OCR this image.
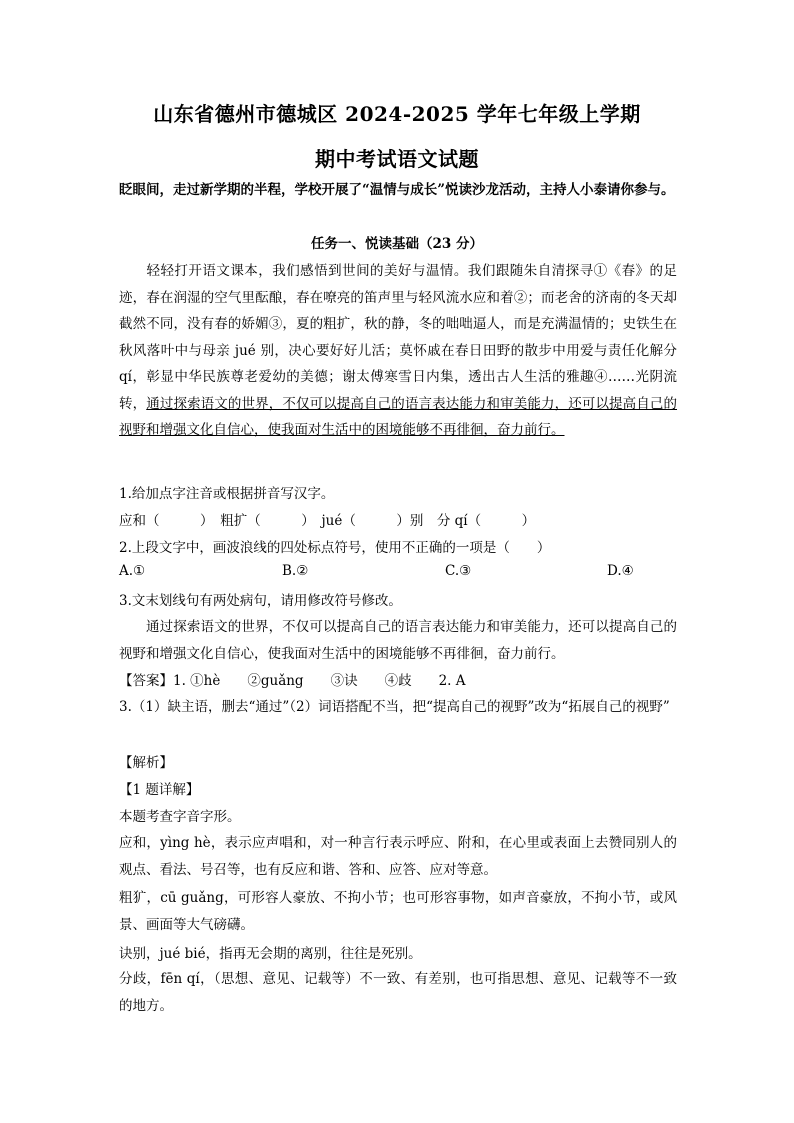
山东省德州市德城区 2024-2025 学年七年级上学期
期中考试语文试题
眨眼间，走过新学期的半程，学校开展了“温情与成长”悦读沙龙活动，主持人小泰请你参与。
任务一、悦读基础（23 分）
轻轻打开语文课本，我们感悟到世间的美好与温情。我们跟随朱自清探寻①《春》的足迹，春在润湿的空气里酝酿，春在嘹亮的笛声里与轻风流水应和着②；而老舍的济南的冬天却截然不同，没有春的娇媚③，夏的粗扩，秋的静，冬的咄咄逼人，而是充满温情的；史铁生在秋风落叶中与母亲 jué 别，决心要好好儿活；莫怀戚在春日田野的散步中用爱与责任化解分 qí，彰显中华民族尊老爱幼的美德；谢太傅寒雪日内集，透出古人生活的雅趣④……光阴流转，通过探索语文的世界，不仅可以提高自己的语言表达能力和审美能力，还可以提高自己的视野和增强文化自信心，使我面对生活中的困境能够不再徘徊，奋力前行。
1.给加点字注音或根据拼音写汉字。
应和（　　　）　粗扩（　　　）　jué（　　　）别　分 qí（　　　）
2.上段文字中，画波浪线的四处标点符号，使用不正确的一项是（　　）
A.①	B.②	C.③	D.④
3.文末划线句有两处病句，请用修改符号修改。
通过探索语文的世界，不仅可以提高自己的语言表达能力和审美能力，还可以提高自己的视野和增强文化自信心，使我面对生活中的困境能够不再徘徊，奋力前行。
【答案】1. ①hè　　②guǎng　　③诀　　④歧　　2. A
3.（1）缺主语，删去“通过”（2）词语搭配不当，把“提高自己的视野”改为“拓展自己的视野”
【解析】
【1 题详解】
本题考查字音字形。
应和，yìng hè，表示应声唱和，对一种言行表示呼应、附和，在心里或表面上去赞同别人的观点、看法、号召等，也有反应和谐、答和、应答、应对等意。
粗犷，cū guǎng，可形容人豪放、不拘小节；也可形容事物，如声音豪放，不拘小节，或风景、画面等大气磅礴。
诀别，jué bié，指再无会期的离别，往往是死别。
分歧，fēn qí，（思想、意见、记载等）不一致、有差别，也可指思想、意见、记载等不一致的地方。
